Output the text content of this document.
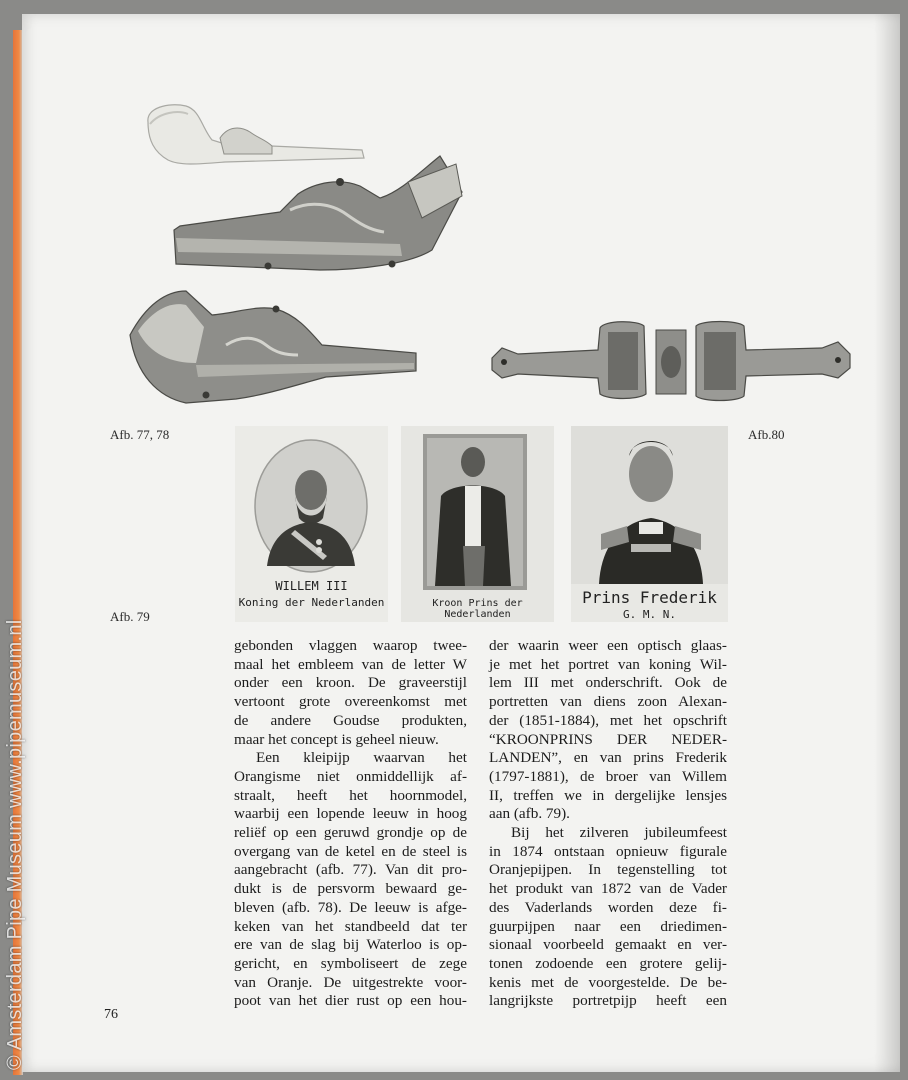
Afb. 77, 78	Afb.80
Afb. 79
WILLEM III
Koning der Nederlanden	Kroon Prins der Nederlanden
Prins Frederik
G. M. N.
gebonden vlaggen waarop twee-
maal het embleem van de letter W
onder een kroon. De graveerstijl
vertoont grote overeenkomst met
de andere Goudse produkten,
maar het concept is geheel nieuw.
Een kleipijp waarvan het
Orangisme niet onmiddellijk af-
straalt, heeft het hoornmodel,
waarbij een lopende leeuw in hoog
reliëf op een geruwd grondje op de
overgang van de ketel en de steel is
aangebracht (afb. 77). Van dit pro-
dukt is de persvorm bewaard ge-
bleven (afb. 78). De leeuw is afge-
keken van het standbeeld dat ter
ere van de slag bij Waterloo is op-
gericht, en symboliseert de zege
van Oranje. De uitgestrekte voor-
poot van het dier rust op een hou-
der waarin weer een optisch glaas-
je met het portret van koning Wil-
lem III met onderschrift. Ook de
portretten van diens zoon Alexan-
der (1851-1884), met het opschrift
“KROONPRINS DER NEDER-
LANDEN”, en van prins Frederik
(1797-1881), de broer van Willem
II, treffen we in dergelijke lensjes
aan (afb. 79).
Bij het zilveren jubileumfeest
in 1874 ontstaan opnieuw figurale
Oranjepijpen. In tegenstelling tot
het produkt van 1872 van de Vader
des Vaderlands worden deze fi-
guurpijpen naar een driedimen-
sionaal voorbeeld gemaakt en ver-
tonen zodoende een grotere gelij-
kenis met de voorgestelde. De be-
langrijkste portretpijp heeft een
76
© Amsterdam Pipe Museum www.pipemuseum.nl
